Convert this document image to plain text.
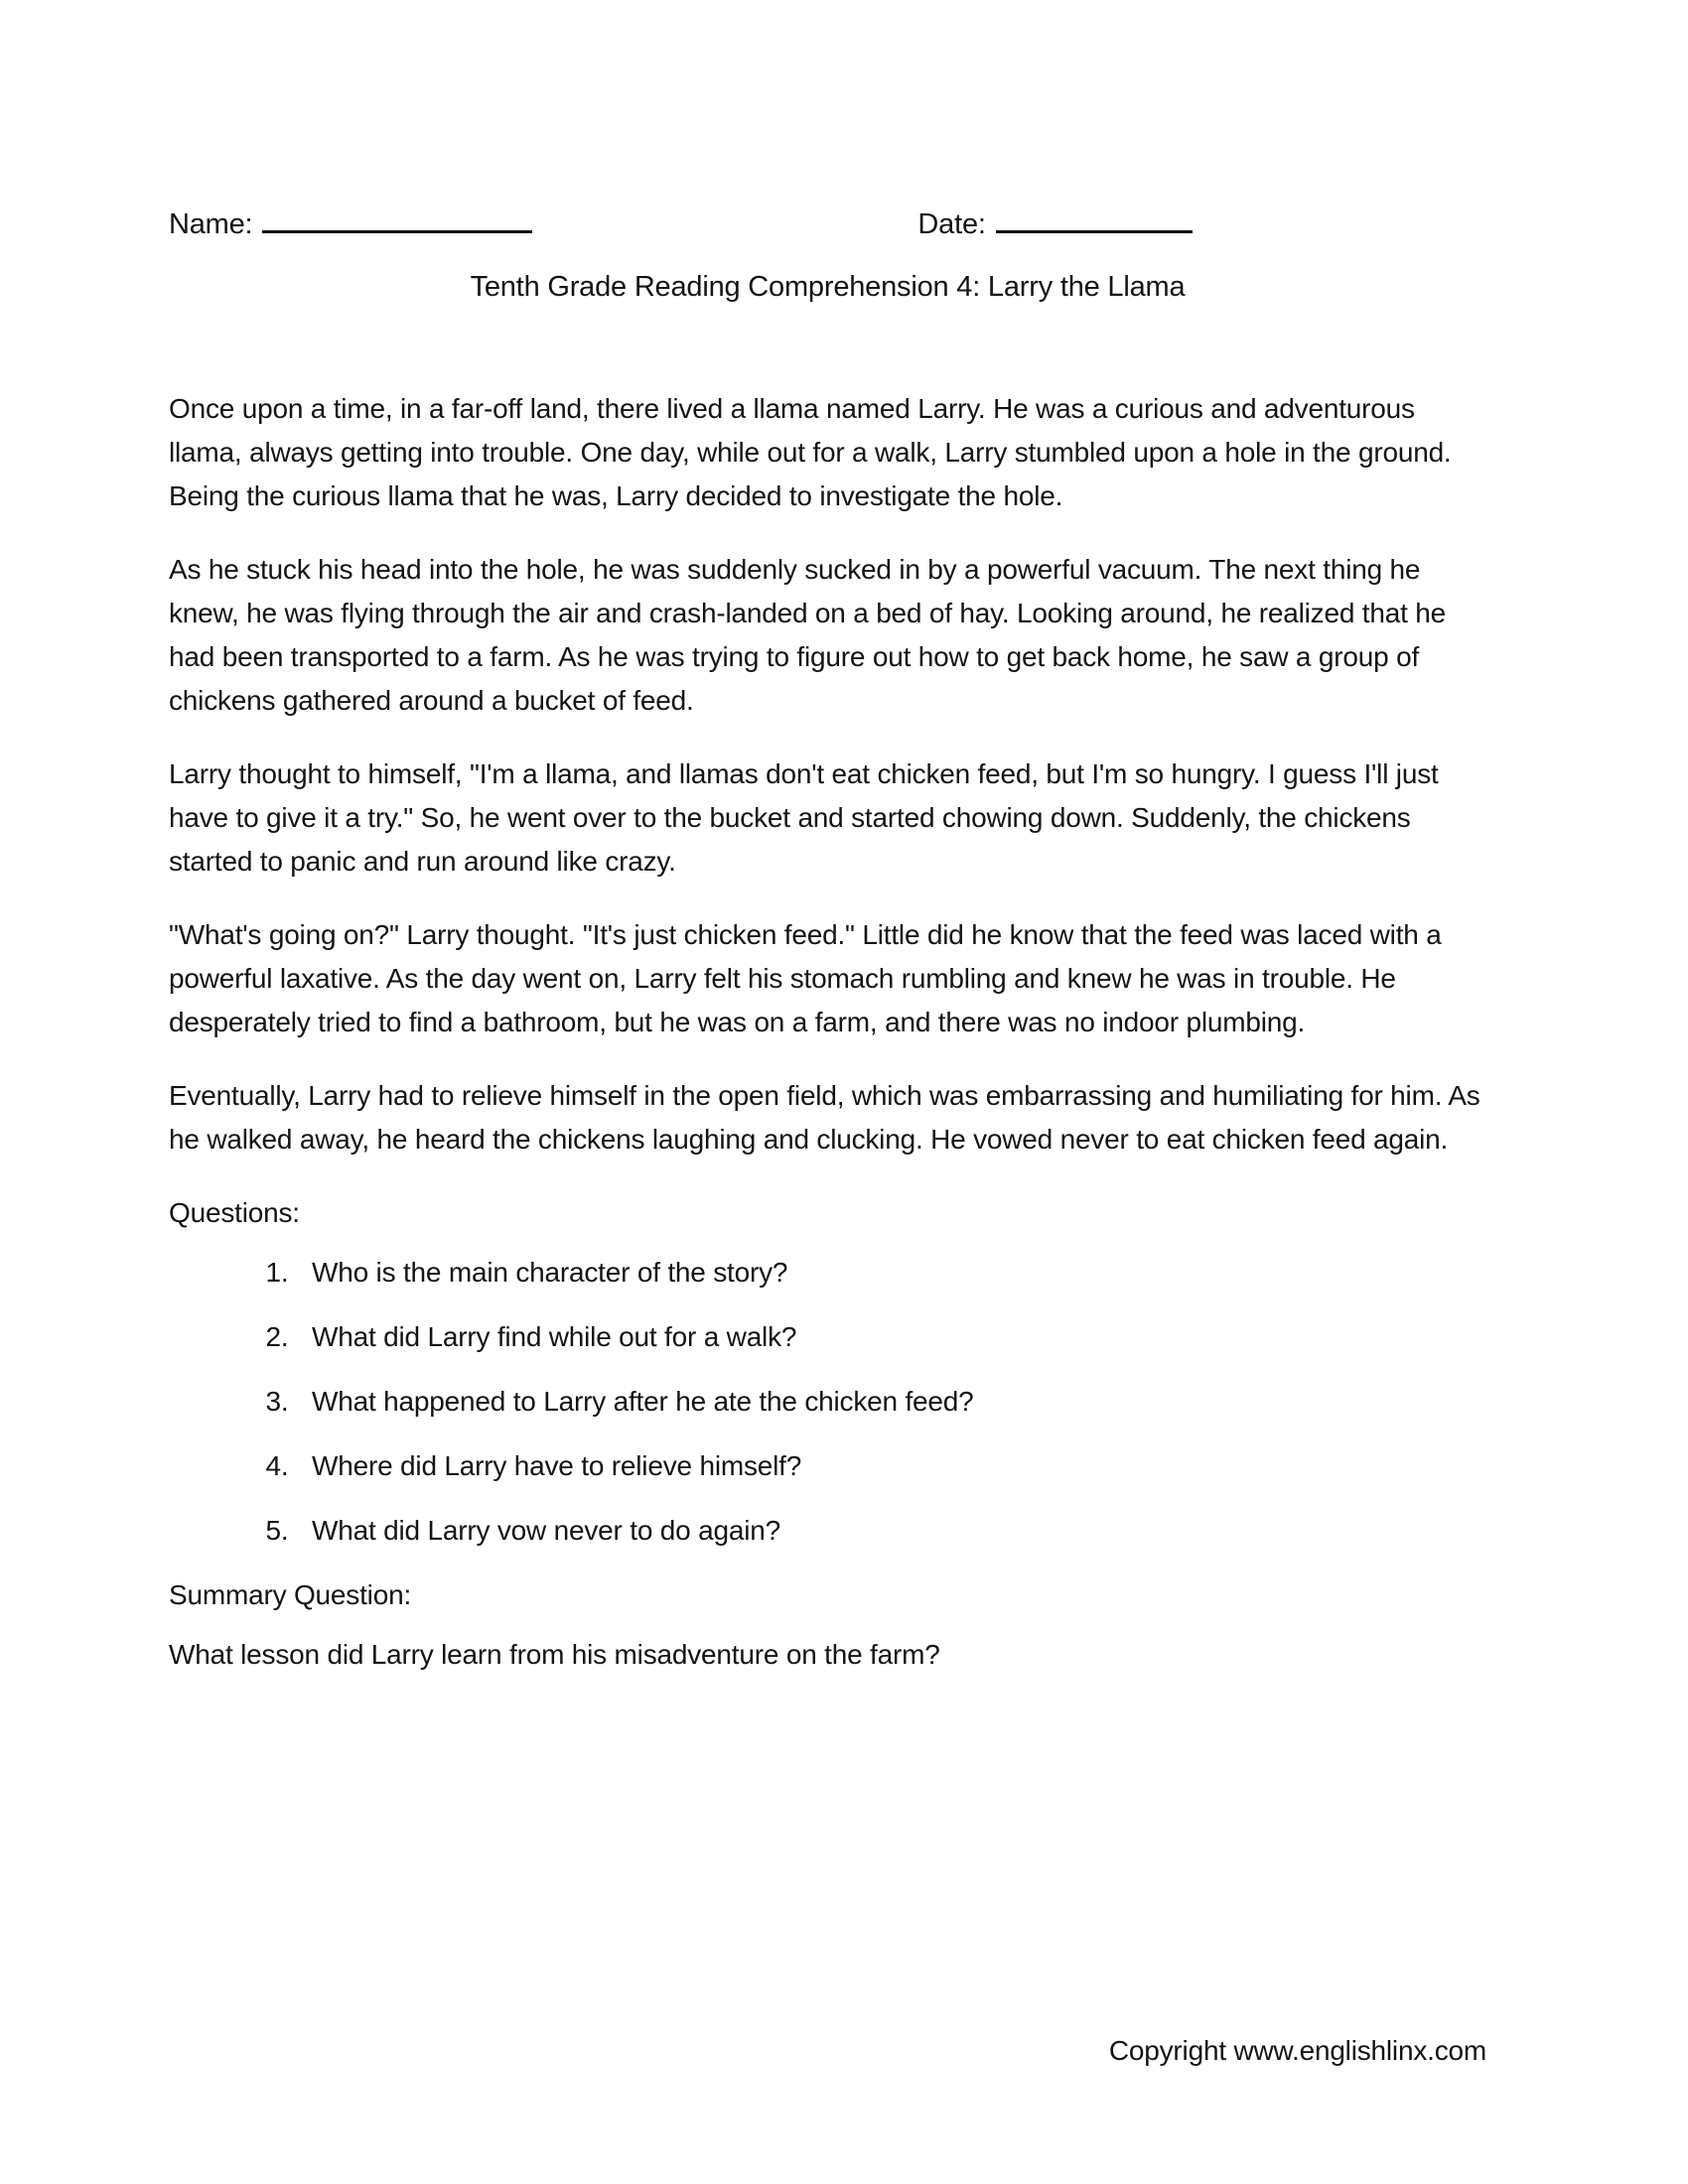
Name:	Date:
Tenth Grade Reading Comprehension 4: Larry the Llama

Once upon a time, in a far-off land, there lived a llama named Larry. He was a curious and adventurous llama, always getting into trouble. One day, while out for a walk, Larry stumbled upon a hole in the ground. Being the curious llama that he was, Larry decided to investigate the hole.

As he stuck his head into the hole, he was suddenly sucked in by a powerful vacuum. The next thing he knew, he was flying through the air and crash-landed on a bed of hay. Looking around, he realized that he had been transported to a farm. As he was trying to figure out how to get back home, he saw a group of chickens gathered around a bucket of feed.

Larry thought to himself, "I'm a llama, and llamas don't eat chicken feed, but I'm so hungry. I guess I'll just have to give it a try." So, he went over to the bucket and started chowing down. Suddenly, the chickens started to panic and run around like crazy.

"What's going on?" Larry thought. "It's just chicken feed." Little did he know that the feed was laced with a powerful laxative. As the day went on, Larry felt his stomach rumbling and knew he was in trouble. He desperately tried to find a bathroom, but he was on a farm, and there was no indoor plumbing.

Eventually, Larry had to relieve himself in the open field, which was embarrassing and humiliating for him. As he walked away, he heard the chickens laughing and clucking. He vowed never to eat chicken feed again.

Questions:
1. Who is the main character of the story?
2. What did Larry find while out for a walk?
3. What happened to Larry after he ate the chicken feed?
4. Where did Larry have to relieve himself?
5. What did Larry vow never to do again?
Summary Question:

What lesson did Larry learn from his misadventure on the farm?

Copyright www.englishlinx.com
